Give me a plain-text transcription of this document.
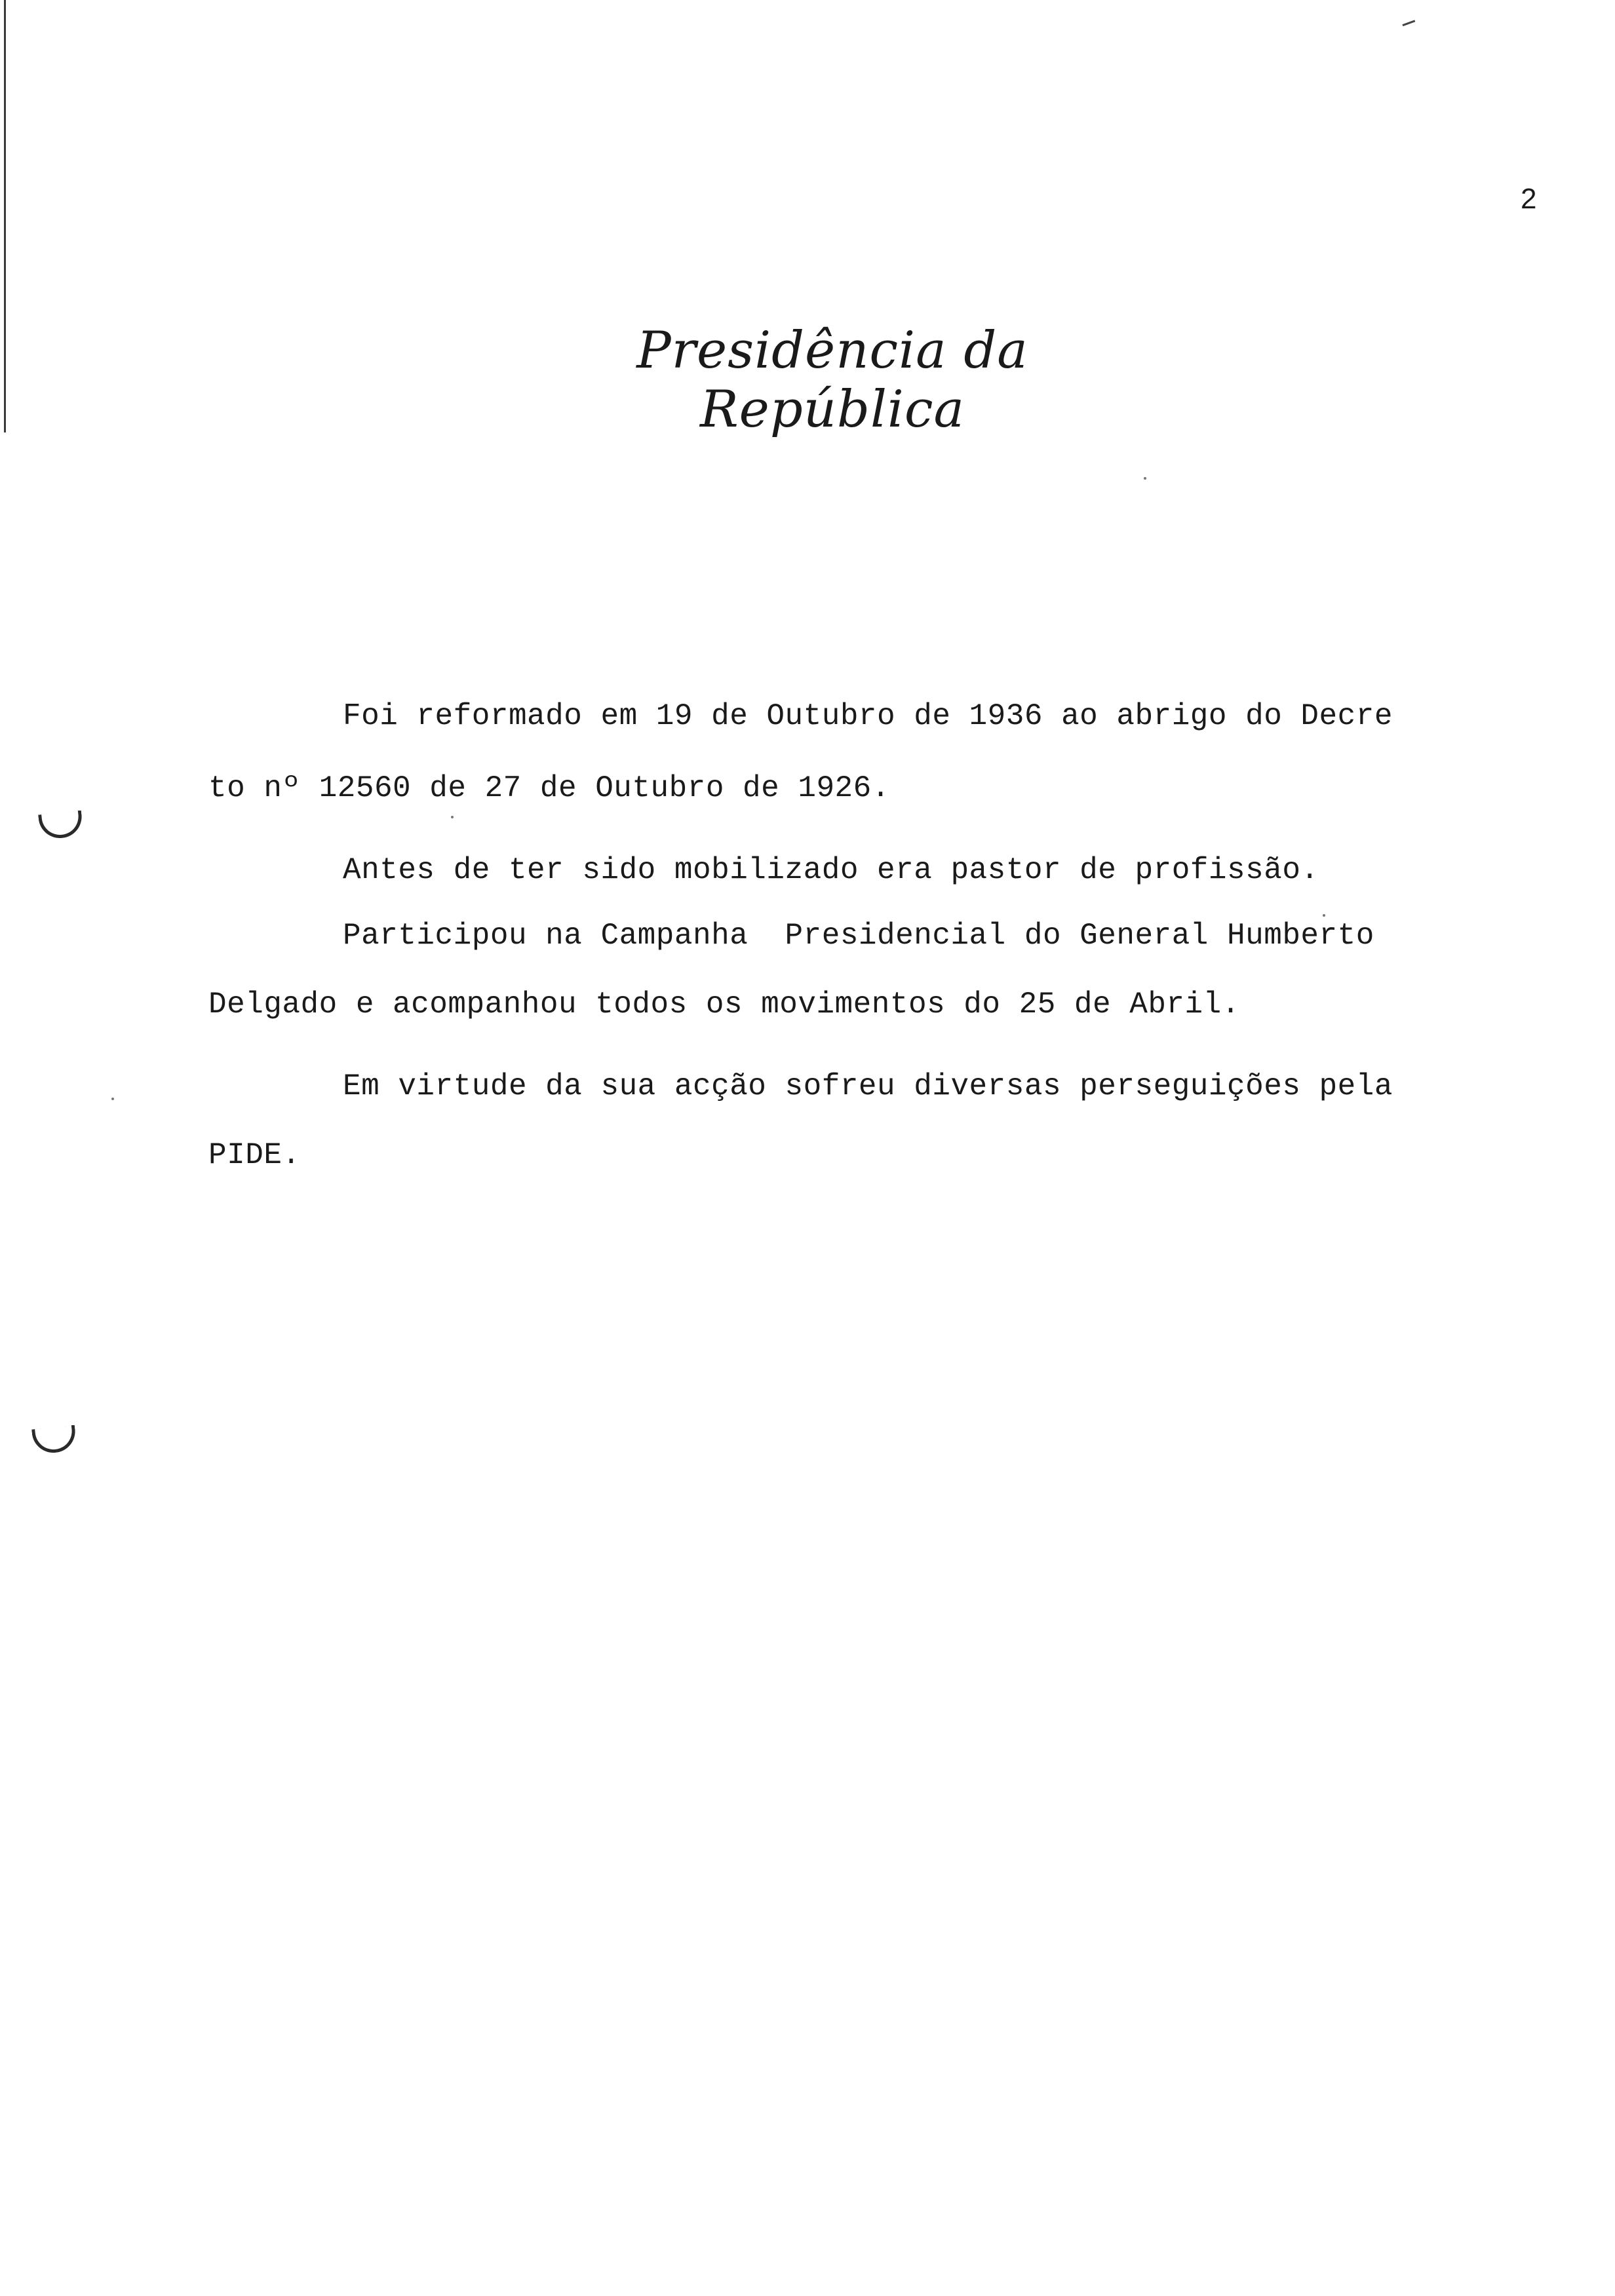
2
Presidência da República
Foi reformado em 19 de Outubro de 1936 ao abrigo do Decre
to nº 12560 de 27 de Outubro de 1926.
Antes de ter sido mobilizado era pastor de profissão.
Participou na Campanha  Presidencial do General Humberto
Delgado e acompanhou todos os movimentos do 25 de Abril.
Em virtude da sua acção sofreu diversas perseguições pela
PIDE.
